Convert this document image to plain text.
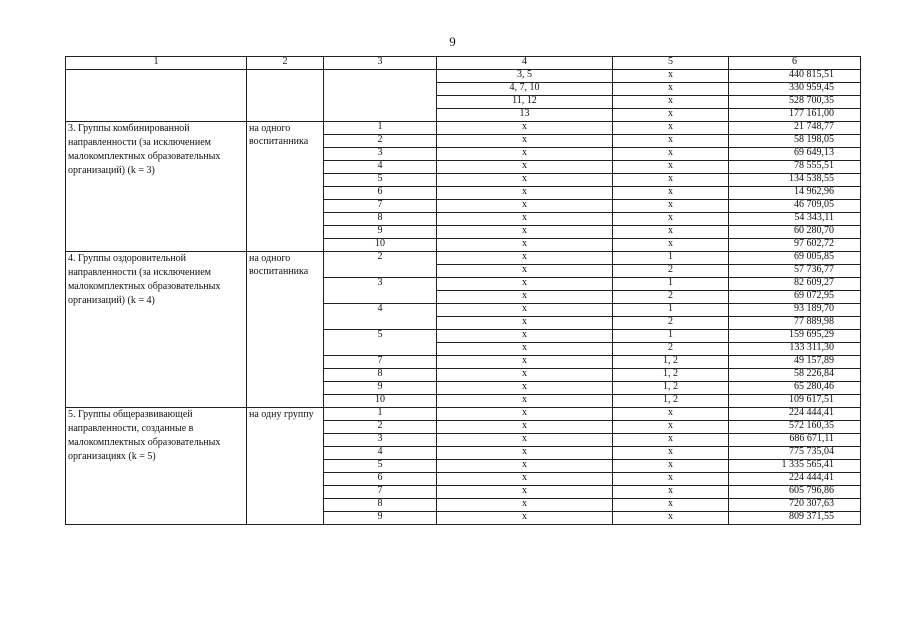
9
1	2	3	4	5	6
			3, 5	х	440 815,51
			4, 7, 10	х	330 959,45
			11, 12	х	528 700,35
			13	х	177 161,00

3. Группы комбинированной
направленности (за исключением
малокомплектных образовательных
организаций) (k = 3)	на одного
воспитанника	1	х	х	21 748,77
		2	х	х	58 198,05
		3	х	х	69 649,13
		4	х	х	78 555,51
		5	х	х	134 538,55
		6	х	х	14 962,96
		7	х	х	46 709,05
		8	х	х	54 343,11
		9	х	х	60 280,70
		10	х	х	97 602,72

4. Группы оздоровительной
направленности (за исключением
малокомплектных образовательных
организаций) (k = 4)	на одного
воспитанника	2	х	1	69 005,85
			х	2	57 736,77
		3	х	1	82 609,27
			х	2	69 072,95
		4	х	1	93 189,70
			х	2	77 889,98
		5	х	1	159 695,29
			х	2	133 311,30
		7	х	1, 2	49 157,89
		8	х	1, 2	58 226,84
		9	х	1, 2	65 280,46
		10	х	1, 2	109 617,51

5. Группы общеразвивающей
направленности, созданные в
малокомплектных образовательных
организациях (k = 5)	на одну группу	1	х	х	224 444,41
		2	х	х	572 160,35
		3	х	х	686 671,11
		4	х	х	775 735,04
		5	х	х	1 335 565,41
		6	х	х	224 444,41
		7	х	х	605 796,86
		8	х	х	720 307,63
		9	х	х	809 371,55
